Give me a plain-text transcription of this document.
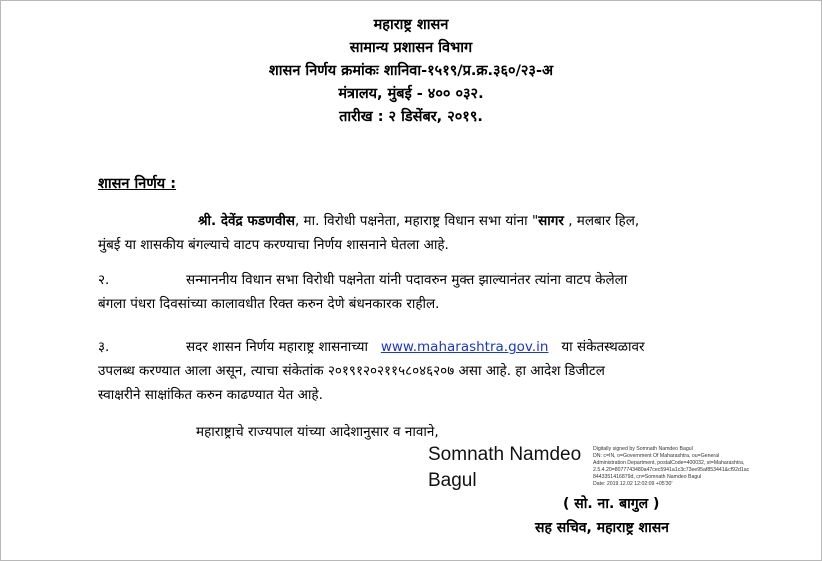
महाराष्ट्र शासन
सामान्य प्रशासन विभाग
शासन निर्णय क्रमांकः शानिवा-१५१९/प्र.क्र.३६०/२३-अ
मंत्रालय, मुंबई - ४०० ०३२.
तारीख : २ डिसेंबर, २०१९.
शासन निर्णय :
श्री. देवेंद्र फडणवीस, मा. विरोधी पक्षनेता, महाराष्ट्र विधान सभा यांना "सागर , मलबार हिल,
मुंबई या शासकीय बंगल्याचे वाटप करण्याचा निर्णय शासनाने घेतला आहे.
२.	सन्माननीय विधान सभा विरोधी पक्षनेता यांनी पदावरुन मुक्त झाल्यानंतर त्यांना वाटप केलेला
बंगला पंधरा दिवसांच्या कालावधीत रिक्त करुन देणे बंधनकारक राहील.
३.	सदर शासन निर्णय महाराष्ट्र शासनाच्या www.maharashtra.gov.in या संकेतस्थळावर
उपलब्ध करण्यात आला असून, त्याचा संकेतांक २०१९१२०२११५८०४६२०७ असा आहे. हा आदेश डिजीटल
स्वाक्षरीने साक्षांकित करुन काढण्यात येत आहे.
महाराष्ट्राचे राज्यपाल यांच्या आदेशानुसार व नावाने,
Somnath Namdeo
Bagul
Digitally signed by Somnath Namdeo Bagul
DN: c=IN, o=Government Of Maharashtra, ou=General
Administration Department, postalCode=400032, st=Maharashtra,
2.5.4.20=8077743480a47cec5941a1c3c73ee95af853441&cf92d1ac
8443351416879d, cn=Somnath Namdeo Bagul
Date: 2019.12.02 12:02:09 +05'30'
( सो. ना. बागुल )
सह सचिव, महाराष्ट्र शासन
